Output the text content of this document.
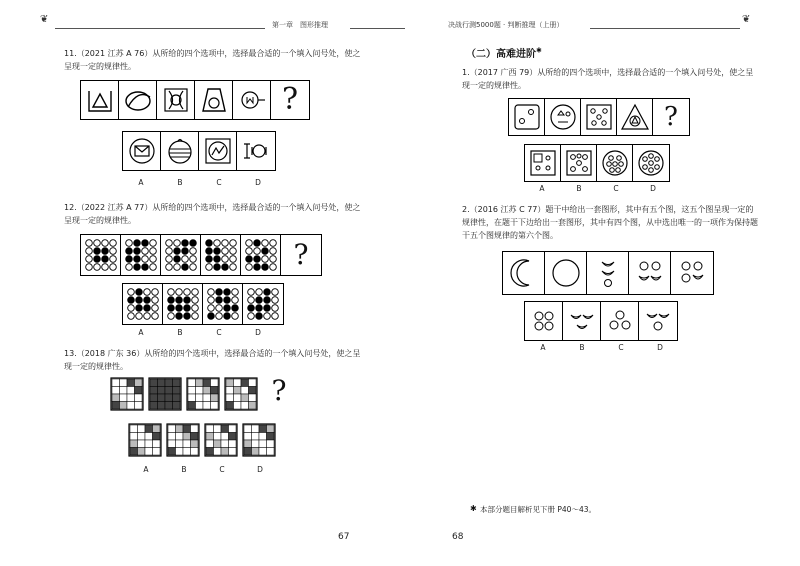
❦	第一章　图形推理	决战行测5000题 · 判断推理（上册）	❦
11.（2021 江苏 A 76）从所给的四个选项中，选择最合适的一个填入问号处，使之呈现一定的规律性。
?
A	B	C	D
12.（2022 江苏 A 77）从所给的四个选项中，选择最合适的一个填入问号处，使之呈现一定的规律性。
?
A	B	C	D
13.（2018 广东 36）从所给的四个选项中，选择最合适的一个填入问号处，使之呈现一定的规律性。
?
A	B	C	D
67
（二）高难进阶✱
1.（2017 广西 79）从所给的四个选项中，选择最合适的一个填入问号处，使之呈现一定的规律性。
?
A	B	C	D
2.（2016 江苏 C 77）题干中给出一套图形，其中有五个图，这五个图呈现一定的规律性，在题干下边给出一套图形，其中有四个图，从中选出唯一的一项作为保持题干五个图规律的第六个图。
A	B	C	D
✱ 本部分题目解析见下册 P40～43。
68
